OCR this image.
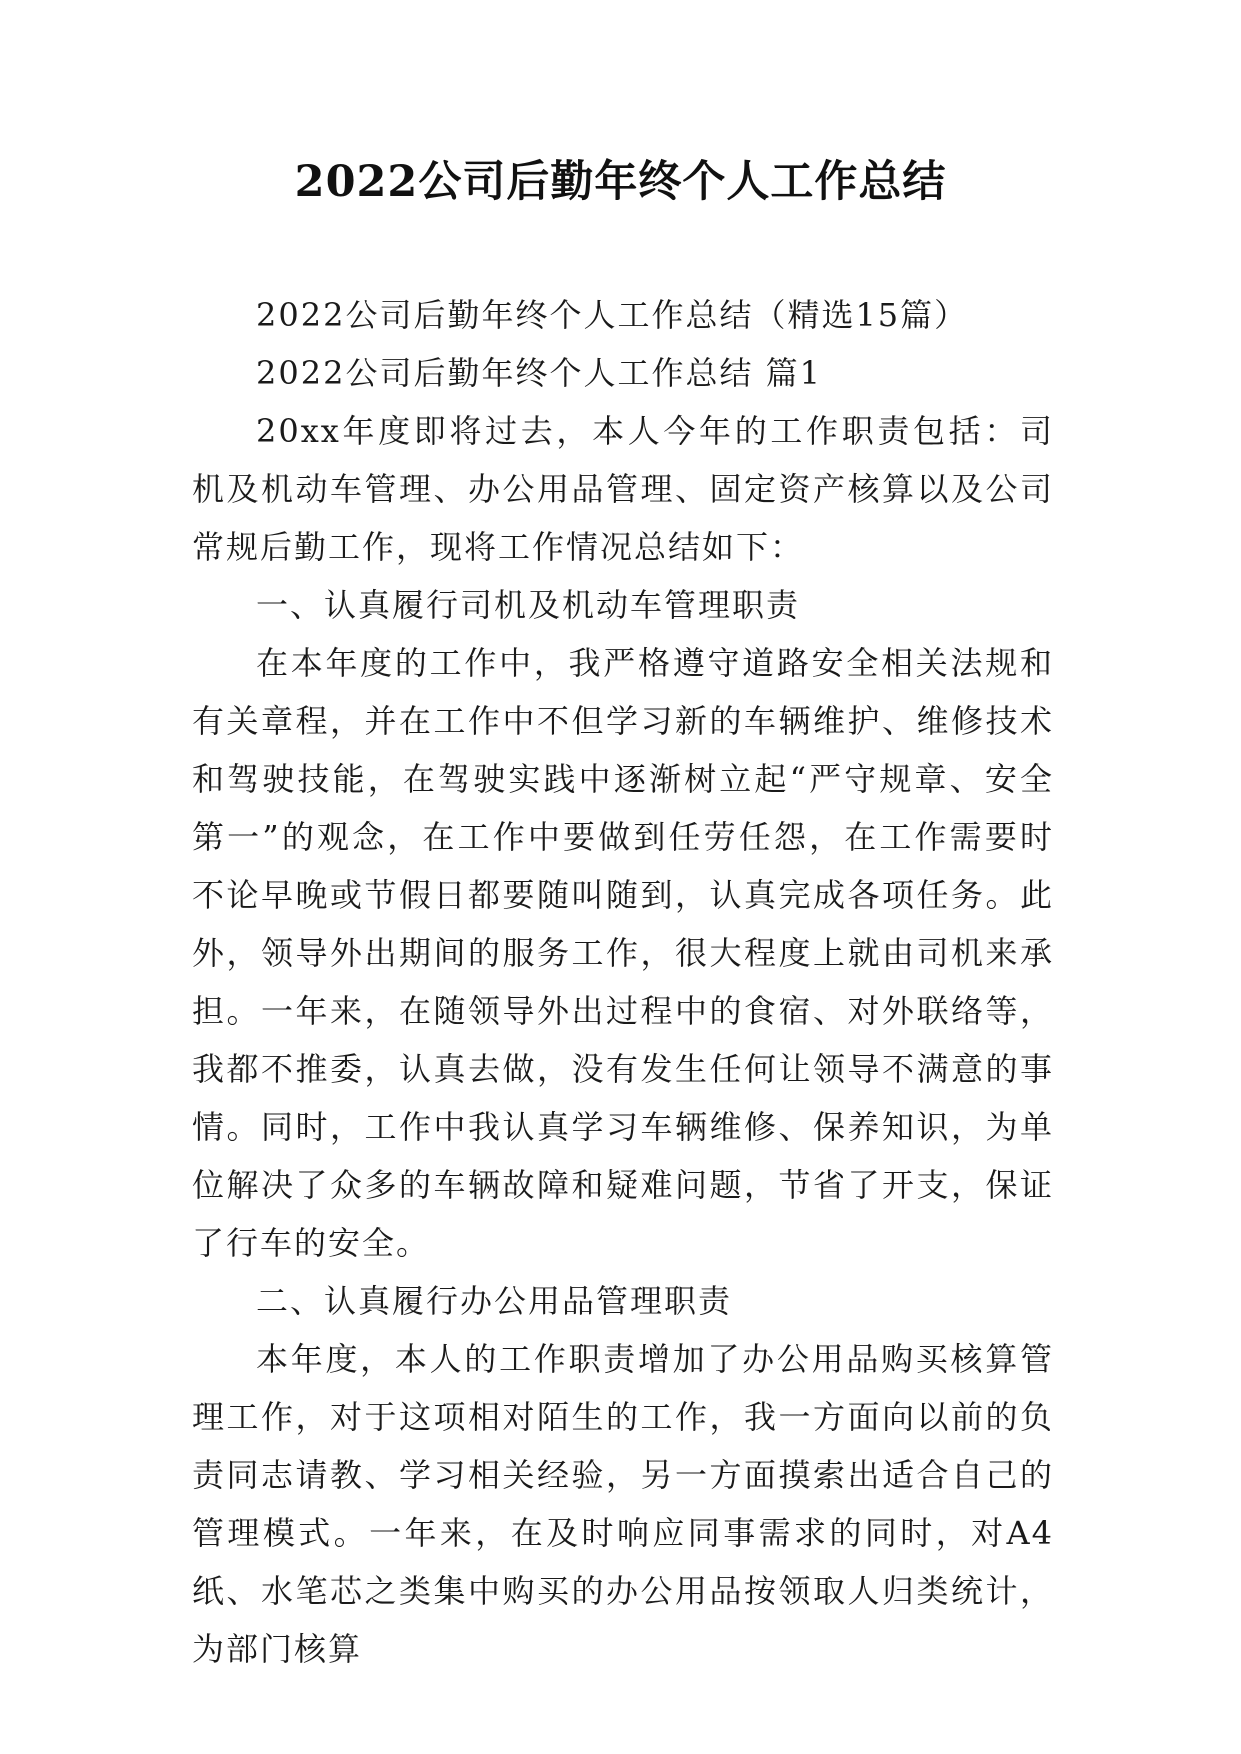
2022公司后勤年终个人工作总结

2022公司后勤年终个人工作总结（精选15篇）

2022公司后勤年终个人工作总结 篇1

20xx年度即将过去，本人今年的工作职责包括：司机及机动车管理、办公用品管理、固定资产核算以及公司常规后勤工作，现将工作情况总结如下：

一、认真履行司机及机动车管理职责

在本年度的工作中，我严格遵守道路安全相关法规和有关章程，并在工作中不但学习新的车辆维护、维修技术和驾驶技能，在驾驶实践中逐渐树立起“严守规章、安全第一”的观念，在工作中要做到任劳任怨，在工作需要时不论早晚或节假日都要随叫随到，认真完成各项任务。此外，领导外出期间的服务工作，很大程度上就由司机来承担。一年来，在随领导外出过程中的食宿、对外联络等，我都不推委，认真去做，没有发生任何让领导不满意的事情。同时，工作中我认真学习车辆维修、保养知识，为单位解决了众多的车辆故障和疑难问题，节省了开支，保证了行车的安全。

二、认真履行办公用品管理职责

本年度，本人的工作职责增加了办公用品购买核算管理工作，对于这项相对陌生的工作，我一方面向以前的负责同志请教、学习相关经验，另一方面摸索出适合自己的管理模式。一年来，在及时响应同事需求的同时，对A4纸、水笔芯之类集中购买的办公用品按领取人归类统计，为部门核算
